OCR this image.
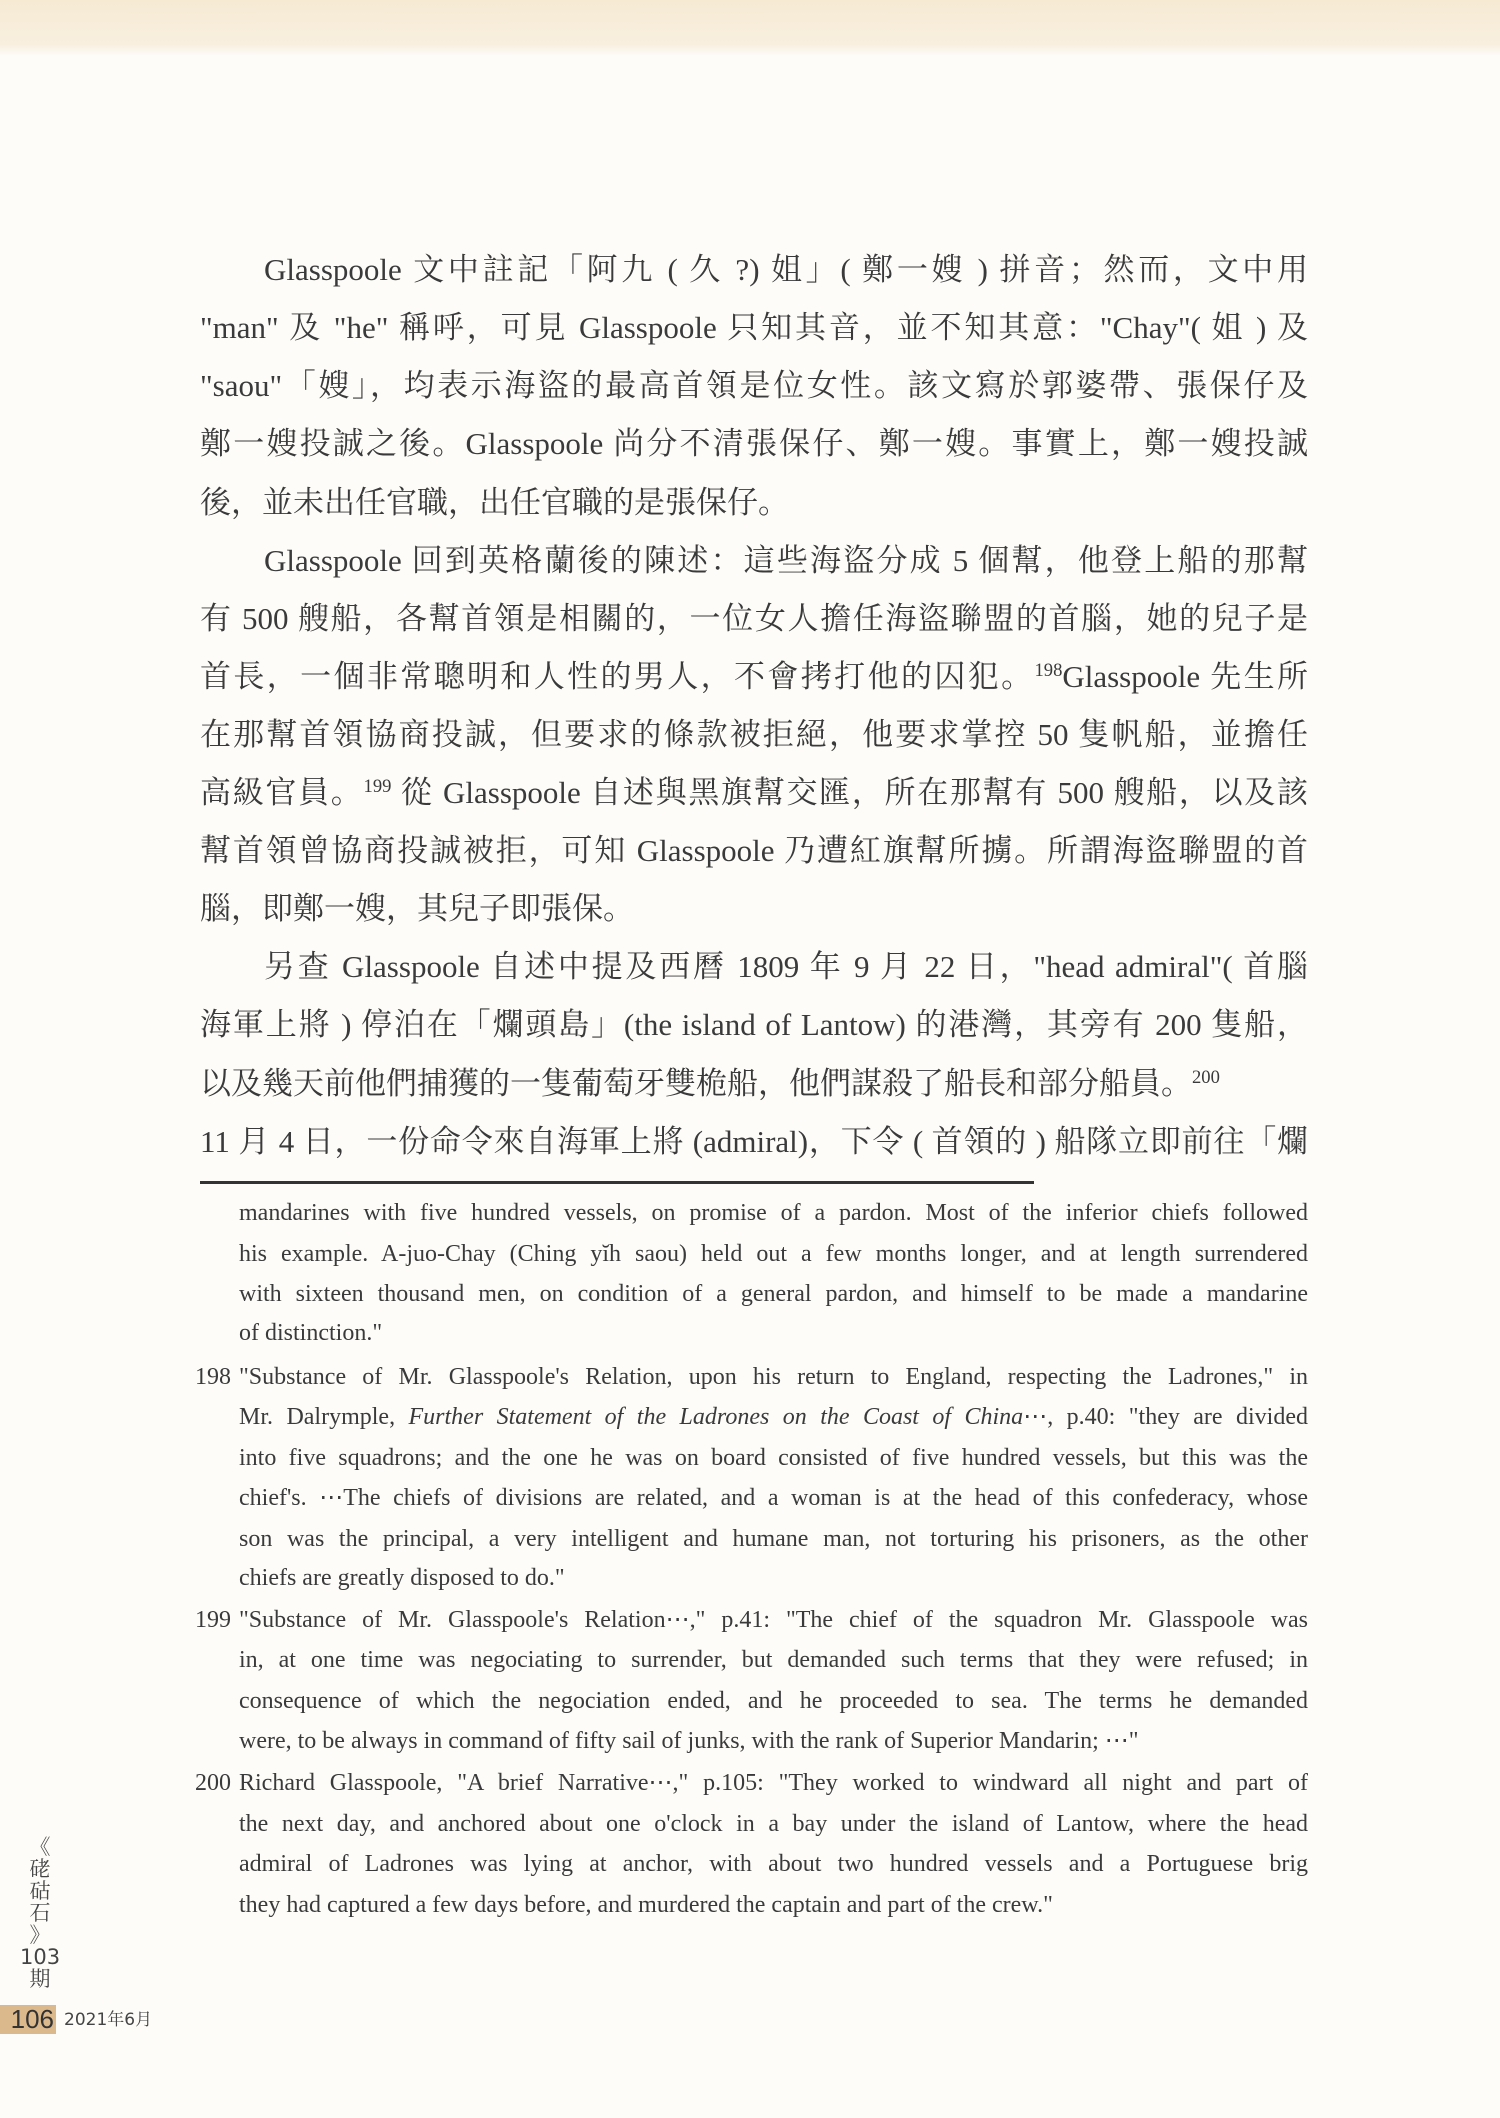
Glasspoole 文中註記「阿九 ( 久 ?) 姐」( 鄭一嫂 ) 拼音；然而，文中用
"man" 及 "he" 稱呼，可見 Glasspoole 只知其音，並不知其意："Chay"( 姐 ) 及
"saou"「嫂」，均表示海盜的最高首領是位女性。該文寫於郭婆帶、張保仔及
鄭一嫂投誠之後。Glasspoole 尚分不清張保仔、鄭一嫂。事實上，鄭一嫂投誠
後，並未出任官職，出任官職的是張保仔。
Glasspoole 回到英格蘭後的陳述：這些海盜分成 5 個幫，他登上船的那幫
有 500 艘船，各幫首領是相關的，一位女人擔任海盜聯盟的首腦，她的兒子是
首長，一個非常聰明和人性的男人，不會拷打他的囚犯。$^{198}$Glasspoole 先生所
在那幫首領協商投誠，但要求的條款被拒絕，他要求掌控 50 隻帆船，並擔任
高級官員。$^{199}$ 從 Glasspoole 自述與黑旗幫交匯，所在那幫有 500 艘船，以及該
幫首領曾協商投誠被拒，可知 Glasspoole 乃遭紅旗幫所擄。所謂海盜聯盟的首
腦，即鄭一嫂，其兒子即張保。
另查 Glasspoole 自述中提及西曆 1809 年 9 月 22 日，"head admiral"( 首腦
海軍上將 ) 停泊在「爛頭島」(the island of Lantow) 的港灣，其旁有 200 隻船，
以及幾天前他們捕獲的一隻葡萄牙雙桅船，他們謀殺了船長和部分船員。$^{200}$
11 月 4 日，一份命令來自海軍上將 (admiral)，下令 ( 首領的 ) 船隊立即前往「爛
mandarines with five hundred vessels, on promise of a pardon. Most of the inferior chiefs followed
his example. A-juo-Chay (Ching yĭh saou) held out a few months longer, and at length surrendered
with sixteen thousand men, on condition of a general pardon, and himself to be made a mandarine
of distinction."
198 "Substance of Mr. Glasspoole's Relation, upon his return to England, respecting the Ladrones," in
Mr. Dalrymple, Further Statement of the Ladrones on the Coast of China⋯, p.40: "they are divided
into five squadrons; and the one he was on board consisted of five hundred vessels, but this was the
chief's. ⋯The chiefs of divisions are related, and a woman is at the head of this confederacy, whose
son was the principal, a very intelligent and humane man, not torturing his prisoners, as the other
chiefs are greatly disposed to do."
199 "Substance of Mr. Glasspoole's Relation⋯," p.41: "The chief of the squadron Mr. Glasspoole was
in, at one time was negociating to surrender, but demanded such terms that they were refused; in
consequence of which the negociation ended, and he proceeded to sea. The terms he demanded
were, to be always in command of fifty sail of junks, with the rank of Superior Mandarin; ⋯"
200 Richard Glasspoole, "A brief Narrative⋯," p.105: "They worked to windward all night and part of
the next day, and anchored about one o'clock in a bay under the island of Lantow, where the head
admiral of Ladrones was lying at anchor, with about two hundred vessels and a Portuguese brig
they had captured a few days before, and murdered the captain and part of the crew."
《
硓
𥑮
石
》
103
期
106 2021年6月
